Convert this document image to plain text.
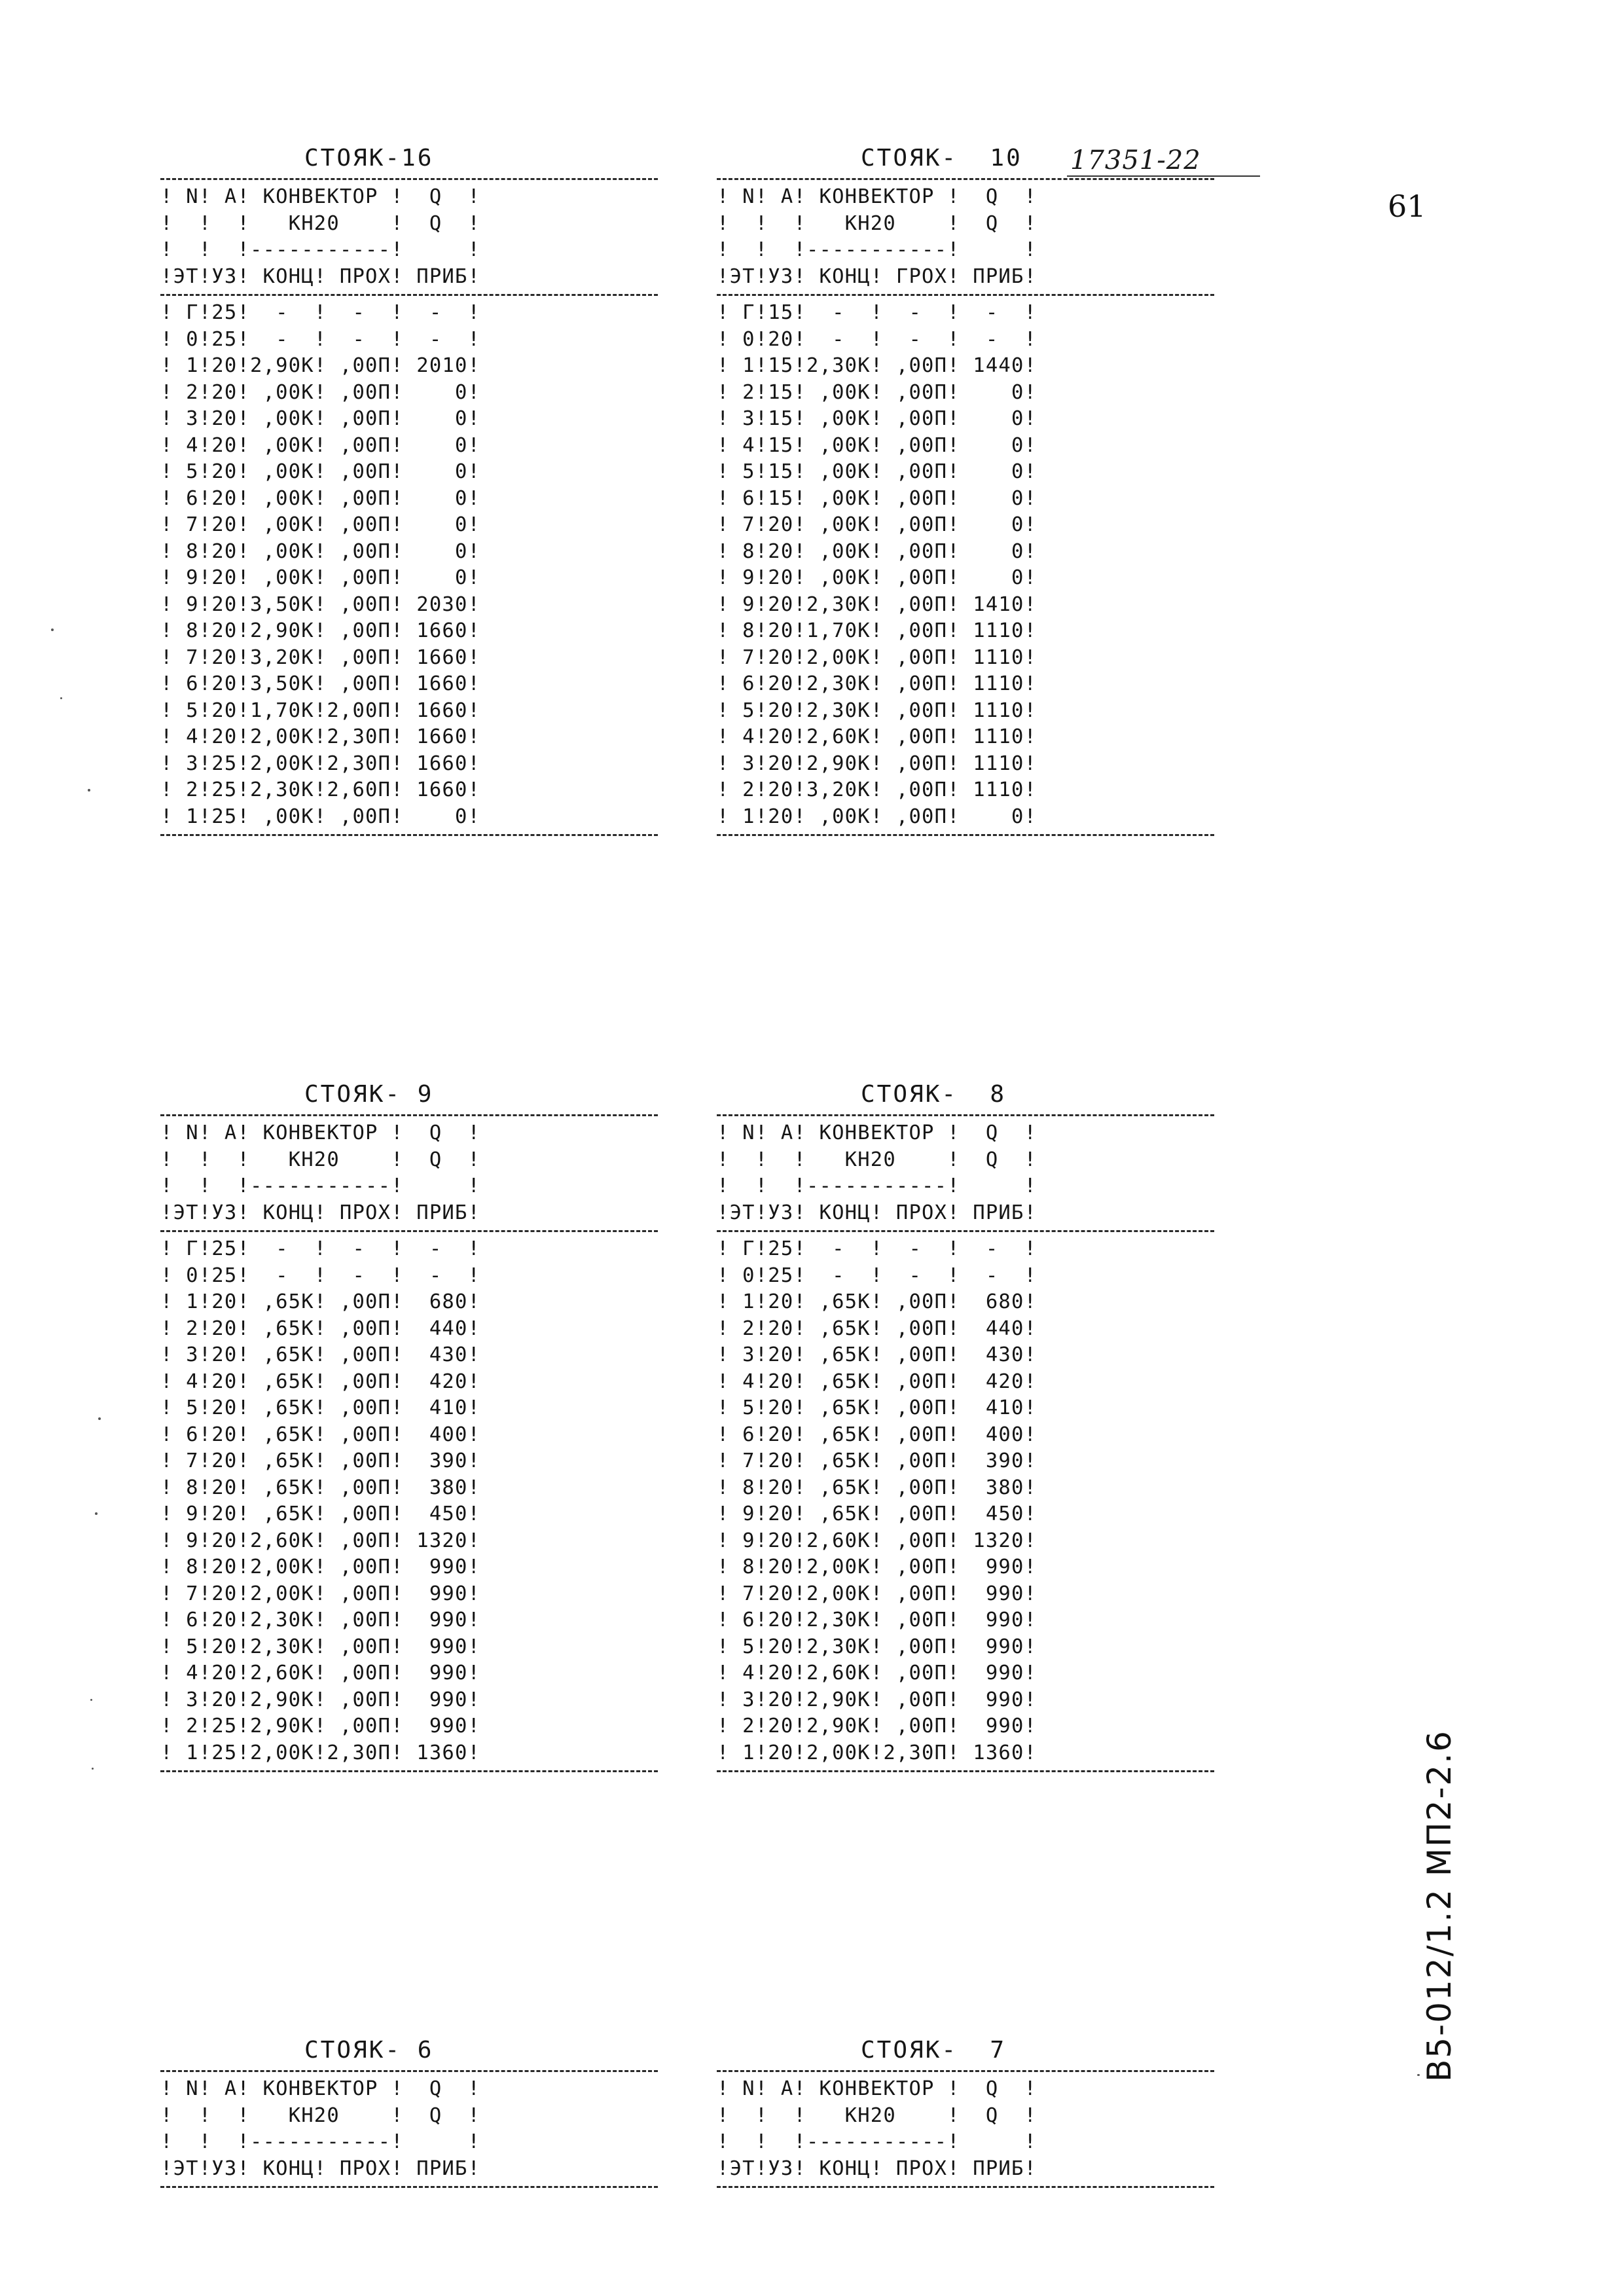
17351-22
61
В5-012/1.2 МП2-2.6
СТОЯК-16
! N! А! КОНВЕКТОР !  Q  !
!  !  !   КН20    !  Q  !
!  !  !-----------!     !
!ЭТ!УЗ! КОНЦ! ПРОХ! ПРИБ!
! Г!25!  -  !  -  !  -  !
! 0!25!  -  !  -  !  -  !
! 1!20!2,90К! ,00П! 2010!
! 2!20! ,00К! ,00П!    0!
! 3!20! ,00К! ,00П!    0!
! 4!20! ,00К! ,00П!    0!
! 5!20! ,00К! ,00П!    0!
! 6!20! ,00К! ,00П!    0!
! 7!20! ,00К! ,00П!    0!
! 8!20! ,00К! ,00П!    0!
! 9!20! ,00К! ,00П!    0!
! 9!20!3,50К! ,00П! 2030!
! 8!20!2,90К! ,00П! 1660!
! 7!20!3,20К! ,00П! 1660!
! 6!20!3,50К! ,00П! 1660!
! 5!20!1,70К!2,00П! 1660!
! 4!20!2,00К!2,30П! 1660!
! 3!25!2,00К!2,30П! 1660!
! 2!25!2,30К!2,60П! 1660!
! 1!25! ,00К! ,00П!    0!
СТОЯК-  10
! N! А! КОНВЕКТОР !  Q  !
!  !  !   КН20    !  Q  !
!  !  !-----------!     !
!ЭТ!УЗ! КОНЦ! ГРОХ! ПРИБ!
! Г!15!  -  !  -  !  -  !
! 0!20!  -  !  -  !  -  !
! 1!15!2,30К! ,00П! 1440!
! 2!15! ,00К! ,00П!    0!
! 3!15! ,00К! ,00П!    0!
! 4!15! ,00К! ,00П!    0!
! 5!15! ,00К! ,00П!    0!
! 6!15! ,00К! ,00П!    0!
! 7!20! ,00К! ,00П!    0!
! 8!20! ,00К! ,00П!    0!
! 9!20! ,00К! ,00П!    0!
! 9!20!2,30К! ,00П! 1410!
! 8!20!1,70К! ,00П! 1110!
! 7!20!2,00К! ,00П! 1110!
! 6!20!2,30К! ,00П! 1110!
! 5!20!2,30К! ,00П! 1110!
! 4!20!2,60К! ,00П! 1110!
! 3!20!2,90К! ,00П! 1110!
! 2!20!3,20К! ,00П! 1110!
! 1!20! ,00К! ,00П!    0!
СТОЯК- 9
! N! А! КОНВЕКТОР !  Q  !
!  !  !   КН20    !  Q  !
!  !  !-----------!     !
!ЭТ!УЗ! КОНЦ! ПРОХ! ПРИБ!
! Г!25!  -  !  -  !  -  !
! 0!25!  -  !  -  !  -  !
! 1!20! ,65К! ,00П!  680!
! 2!20! ,65К! ,00П!  440!
! 3!20! ,65К! ,00П!  430!
! 4!20! ,65К! ,00П!  420!
! 5!20! ,65К! ,00П!  410!
! 6!20! ,65К! ,00П!  400!
! 7!20! ,65К! ,00П!  390!
! 8!20! ,65К! ,00П!  380!
! 9!20! ,65К! ,00П!  450!
! 9!20!2,60К! ,00П! 1320!
! 8!20!2,00К! ,00П!  990!
! 7!20!2,00К! ,00П!  990!
! 6!20!2,30К! ,00П!  990!
! 5!20!2,30К! ,00П!  990!
! 4!20!2,60К! ,00П!  990!
! 3!20!2,90К! ,00П!  990!
! 2!25!2,90К! ,00П!  990!
! 1!25!2,00К!2,30П! 1360!
СТОЯК-  8
! N! А! КОНВЕКТОР !  Q  !
!  !  !   КН20    !  Q  !
!  !  !-----------!     !
!ЭТ!УЗ! КОНЦ! ПРОХ! ПРИБ!
! Г!25!  -  !  -  !  -  !
! 0!25!  -  !  -  !  -  !
! 1!20! ,65К! ,00П!  680!
! 2!20! ,65К! ,00П!  440!
! 3!20! ,65К! ,00П!  430!
! 4!20! ,65К! ,00П!  420!
! 5!20! ,65К! ,00П!  410!
! 6!20! ,65К! ,00П!  400!
! 7!20! ,65К! ,00П!  390!
! 8!20! ,65К! ,00П!  380!
! 9!20! ,65К! ,00П!  450!
! 9!20!2,60К! ,00П! 1320!
! 8!20!2,00К! ,00П!  990!
! 7!20!2,00К! ,00П!  990!
! 6!20!2,30К! ,00П!  990!
! 5!20!2,30К! ,00П!  990!
! 4!20!2,60К! ,00П!  990!
! 3!20!2,90К! ,00П!  990!
! 2!20!2,90К! ,00П!  990!
! 1!20!2,00К!2,30П! 1360!
СТОЯК- 6
! N! А! КОНВЕКТОР !  Q  !
!  !  !   КН20    !  Q  !
!  !  !-----------!     !
!ЭТ!УЗ! КОНЦ! ПРОХ! ПРИБ!
СТОЯК-  7
! N! А! КОНВЕКТОР !  Q  !
!  !  !   КН20    !  Q  !
!  !  !-----------!     !
!ЭТ!УЗ! КОНЦ! ПРОХ! ПРИБ!
